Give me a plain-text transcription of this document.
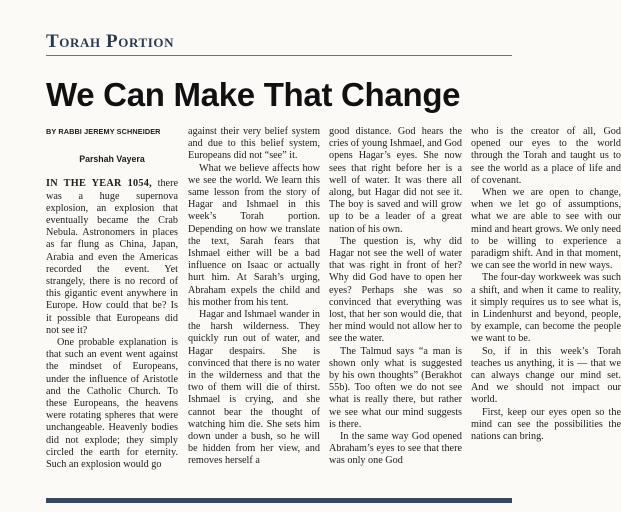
Torah Portion
We Can Make That Change
BY RABBI JEREMY SCHNEIDER
Parshah Vayera

IN THE YEAR 1054, there was a huge supernova explosion, an explosion that eventually became the Crab Nebula. Astronomers in places as far flung as China, Japan, Arabia and even the Americas recorded the event. Yet strangely, there is no record of this gigantic event anywhere in Europe. How could that be? Is it possible that Europeans did not see it?

One probable explanation is that such an event went against the mindset of Europeans, under the influence of Aristotle and the Catholic Church. To these Europeans, the heavens were rotating spheres that were unchangeable. Heavenly bodies did not explode; they simply circled the earth for eternity. Such an explosion would go

against their very belief system and due to this belief system, Europeans did not “see” it.

What we believe affects how we see the world. We learn this same lesson from the story of Hagar and Ishmael in this week’s Torah portion. Depending on how we translate the text, Sarah fears that Ishmael either will be a bad influence on Isaac or actually hurt him. At Sarah’s urging, Abraham expels the child and his mother from his tent.

Hagar and Ishmael wander in the harsh wilderness. They quickly run out of water, and Hagar despairs. She is convinced that there is no water in the wilderness and that the two of them will die of thirst. Ishmael is crying, and she cannot bear the thought of watching him die. She sets him down under a bush, so he will be hidden from her view, and removes herself a

good distance. God hears the cries of young Ishmael, and God opens Hagar’s eyes. She now sees that right before her is a well of water. It was there all along, but Hagar did not see it. The boy is saved and will grow up to be a leader of a great nation of his own.

The question is, why did Hagar not see the well of water that was right in front of her? Why did God have to open her eyes? Perhaps she was so convinced that everything was lost, that her son would die, that her mind would not allow her to see the water.

The Talmud says “a man is shown only what is suggested by his own thoughts” (Berakhot 55b). Too often we do not see what is really there, but rather we see what our mind suggests is there.

In the same way God opened Abraham’s eyes to see that there was only one God

who is the creator of all, God opened our eyes to the world through the Torah and taught us to see the world as a place of life and of covenant.

When we are open to change, when we let go of assumptions, what we are able to see with our mind and heart grows. We only need to be willing to experience a paradigm shift. And in that moment, we can see the world in new ways.

The four-day workweek was such a shift, and when it came to reality, it simply requires us to see what is, in Lindenhurst and beyond, people, by example, can become the people we want to be.

So, if in this week’s Torah teaches us anything, it is — that we can always change our mind set. And we should not impact our world.

First, keep our eyes open so the mind can see the possibilities the nations can bring.
